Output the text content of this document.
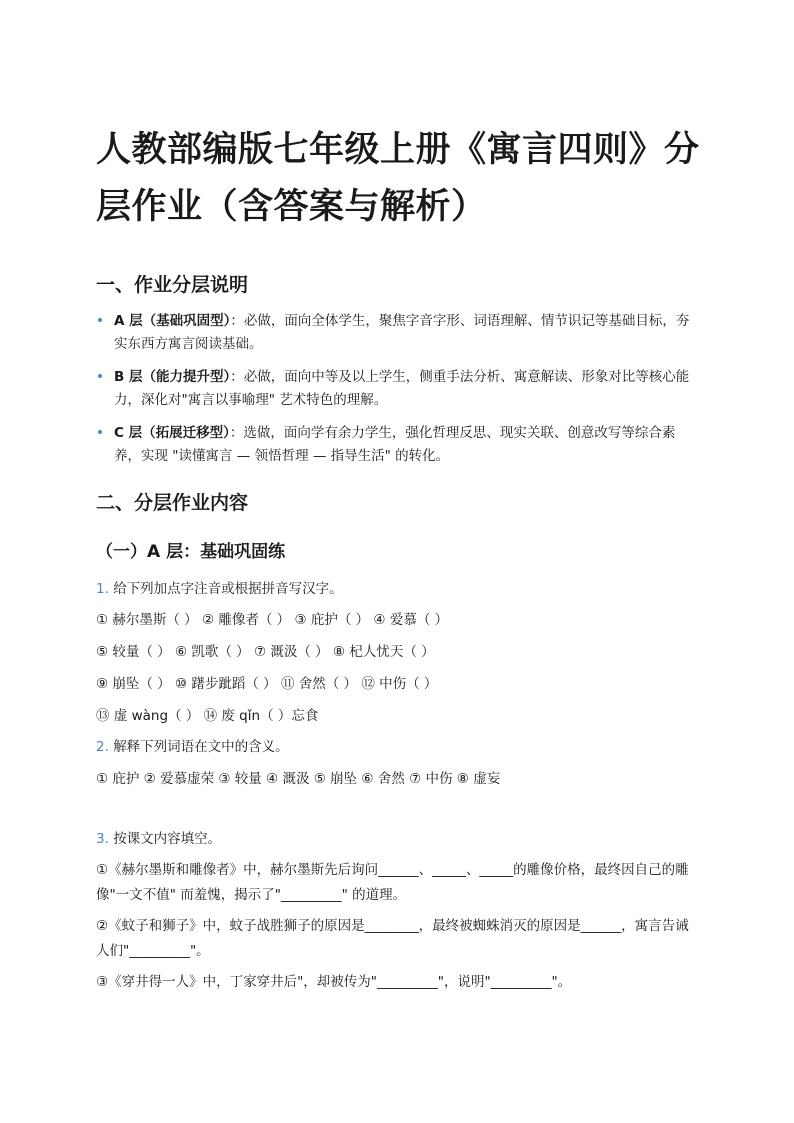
人教部编版七年级上册《寓言四则》分层作业（含答案与解析）
一、作业分层说明
• A 层（基础巩固型）：必做，面向全体学生，聚焦字音字形、词语理解、情节识记等基础目标，夯实东西方寓言阅读基础。
• B 层（能力提升型）：必做，面向中等及以上学生，侧重手法分析、寓意解读、形象对比等核心能力，深化对"寓言以事喻理" 艺术特色的理解。
• C 层（拓展迁移型）：选做，面向学有余力学生，强化哲理反思、现实关联、创意改写等综合素养，实现 "读懂寓言 — 领悟哲理 — 指导生活" 的转化。
二、分层作业内容
（一）A 层：基础巩固练

1. 给下列加点字注音或根据拼音写汉字。

① 赫尔墨斯（ ） ② 雕像者（ ） ③ 庇护（ ） ④ 爱慕（ ）

⑤ 较量（ ） ⑥ 凯歌（ ） ⑦ 溉汲（ ） ⑧ 杞人忧天（ ）

⑨ 崩坠（ ） ⑩ 躇步跐蹈（ ） ⑪ 舍然（ ） ⑫ 中伤（ ）

⑬ 虚 wàng（ ） ⑭ 废 qǐn（ ）忘食

2. 解释下列词语在文中的含义。

① 庇护 ② 爱慕虚荣 ③ 较量 ④ 溉汲 ⑤ 崩坠 ⑥ 舍然 ⑦ 中伤 ⑧ 虚妄

3. 按课文内容填空。

①《赫尔墨斯和雕像者》中，赫尔墨斯先后询问______、_____、_____的雕像价格，最终因自己的雕像"一文不值" 而羞愧，揭示了"_________" 的道理。

②《蚊子和狮子》中，蚊子战胜狮子的原因是________，最终被蜘蛛消灭的原因是______，寓言告诫人们"_________"。

③《穿井得一人》中，丁家穿井后"，却被传为"_________"，说明"_________"。
